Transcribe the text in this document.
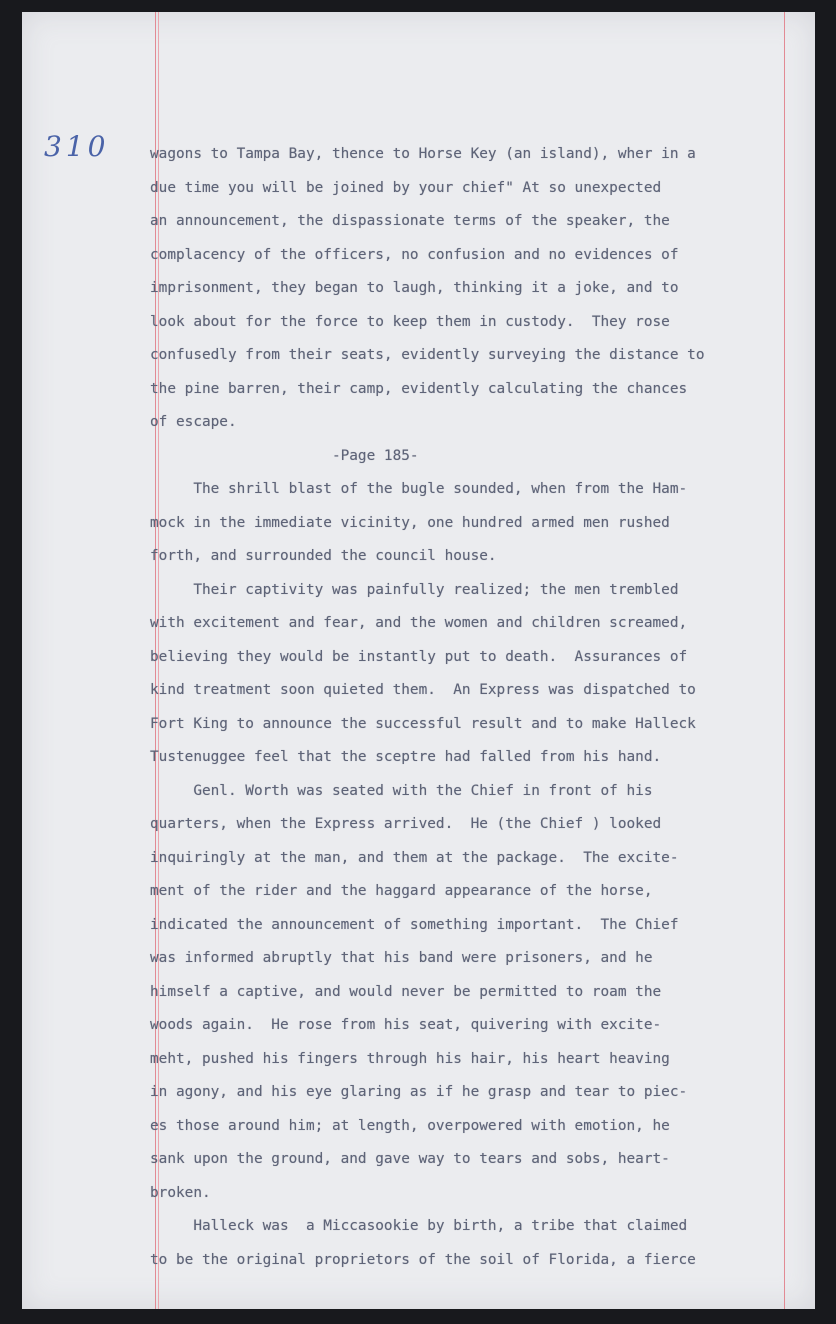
310	wagons to Tampa Bay, thence to Horse Key (an island), wher in a
due time you will be joined by your chief" At so unexpected
an announcement, the dispassionate terms of the speaker, the
complacency of the officers, no confusion and no evidences of
imprisonment, they began to laugh, thinking it a joke, and to
look about for the force to keep them in custody.  They rose
confusedly from their seats, evidently surveying the distance to
the pine barren, their camp, evidently calculating the chances
of escape.
-Page 185-
The shrill blast of the bugle sounded, when from the Ham-
mock in the immediate vicinity, one hundred armed men rushed
forth, and surrounded the council house.
Their captivity was painfully realized; the men trembled
with excitement and fear, and the women and children screamed,
believing they would be instantly put to death.  Assurances of
kind treatment soon quieted them.  An Express was dispatched to
Fort King to announce the successful result and to make Halleck
Tustenuggee feel that the sceptre had falled from his hand.
Genl. Worth was seated with the Chief in front of his
quarters, when the Express arrived.  He (the Chief ) looked
inquiringly at the man, and them at the package.  The excite-
ment of the rider and the haggard appearance of the horse,
indicated the announcement of something important.  The Chief
was informed abruptly that his band were prisoners, and he
himself a captive, and would never be permitted to roam the
woods again.  He rose from his seat, quivering with excite-
meht, pushed his fingers through his hair, his heart heaving
in agony, and his eye glaring as if he grasp and tear to piec-
es those around him; at length, overpowered with emotion, he
sank upon the ground, and gave way to tears and sobs, heart-
broken.
Halleck was  a Miccasookie by birth, a tribe that claimed
to be the original proprietors of the soil of Florida, a fierce
